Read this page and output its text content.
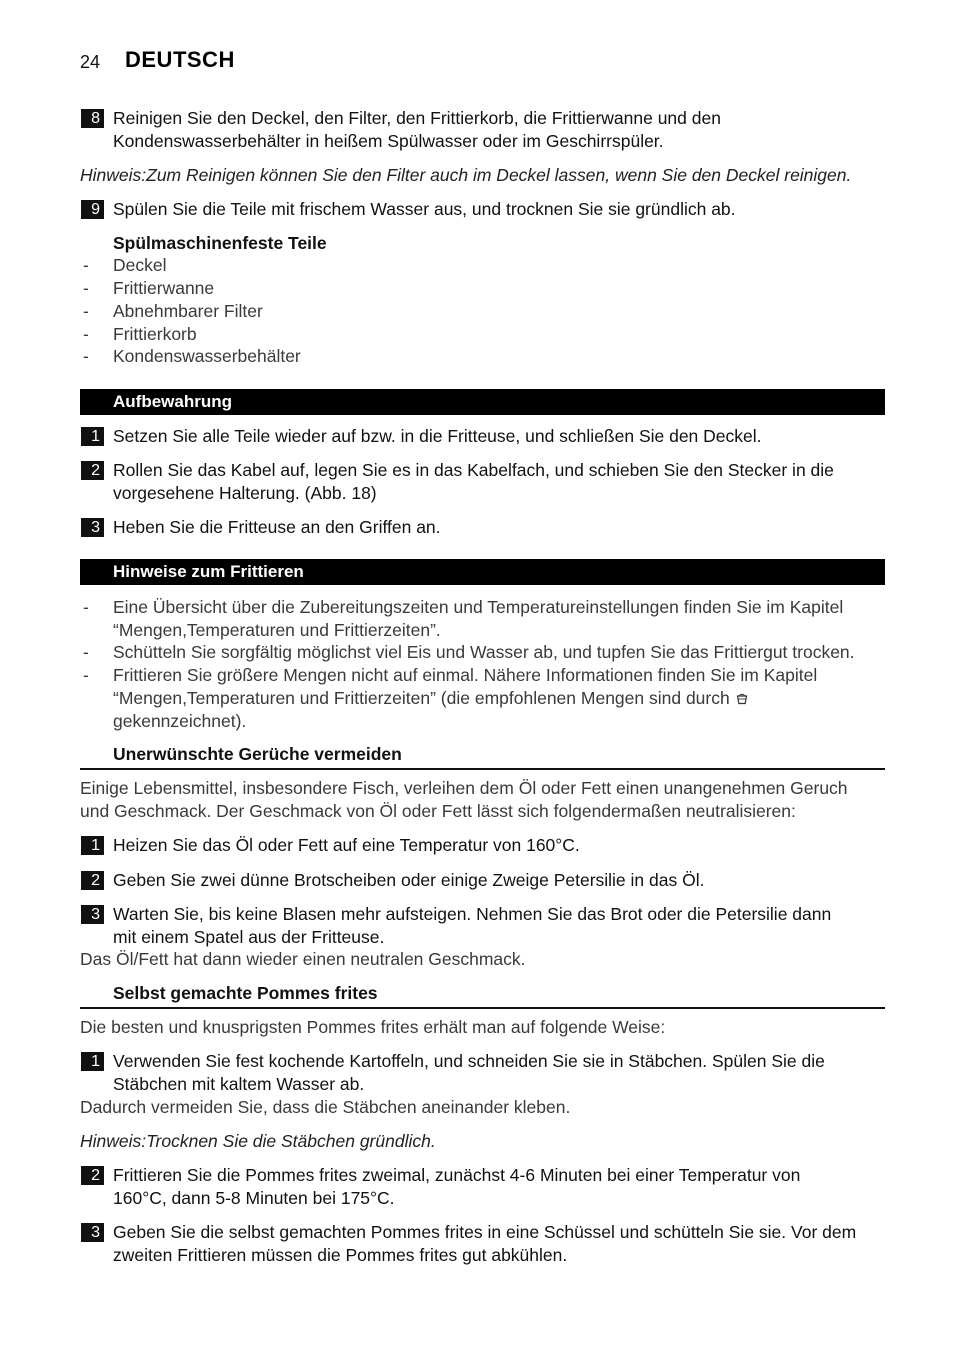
24 DEUTSCH
8 Reinigen Sie den Deckel, den Filter, den Frittierkorb, die Frittierwanne und den
Kondenswasserbehälter in heißem Spülwasser oder im Geschirrspüler.
Hinweis:Zum Reinigen können Sie den Filter auch im Deckel lassen, wenn Sie den Deckel reinigen.
9 Spülen Sie die Teile mit frischem Wasser aus, und trocknen Sie sie gründlich ab.
Spülmaschinenfeste Teile
- Deckel
- Frittierwanne
- Abnehmbarer Filter
- Frittierkorb
- Kondenswasserbehälter
Aufbewahrung
1 Setzen Sie alle Teile wieder auf bzw. in die Fritteuse, und schließen Sie den Deckel.
2 Rollen Sie das Kabel auf, legen Sie es in das Kabelfach, und schieben Sie den Stecker in die
vorgesehene Halterung. (Abb. 18)
3 Heben Sie die Fritteuse an den Griffen an.
Hinweise zum Frittieren
- Eine Übersicht über die Zubereitungszeiten und Temperatureinstellungen finden Sie im Kapitel
“Mengen,Temperaturen und Frittierzeiten”.
- Schütteln Sie sorgfältig möglichst viel Eis und Wasser ab, und tupfen Sie das Frittiergut trocken.
- Frittieren Sie größere Mengen nicht auf einmal. Nähere Informationen finden Sie im Kapitel
“Mengen,Temperaturen und Frittierzeiten” (die empfohlenen Mengen sind durch
gekennzeichnet).
Unerwünschte Gerüche vermeiden
Einige Lebensmittel, insbesondere Fisch, verleihen dem Öl oder Fett einen unangenehmen Geruch
und Geschmack. Der Geschmack von Öl oder Fett lässt sich folgendermaßen neutralisieren:
1 Heizen Sie das Öl oder Fett auf eine Temperatur von 160°C.
2 Geben Sie zwei dünne Brotscheiben oder einige Zweige Petersilie in das Öl.
3 Warten Sie, bis keine Blasen mehr aufsteigen. Nehmen Sie das Brot oder die Petersilie dann
mit einem Spatel aus der Fritteuse.
Das Öl/Fett hat dann wieder einen neutralen Geschmack.
Selbst gemachte Pommes frites
Die besten und knusprigsten Pommes frites erhält man auf folgende Weise:
1 Verwenden Sie fest kochende Kartoffeln, und schneiden Sie sie in Stäbchen. Spülen Sie die
Stäbchen mit kaltem Wasser ab.
Dadurch vermeiden Sie, dass die Stäbchen aneinander kleben.
Hinweis:Trocknen Sie die Stäbchen gründlich.
2 Frittieren Sie die Pommes frites zweimal, zunächst 4-6 Minuten bei einer Temperatur von
160°C, dann 5-8 Minuten bei 175°C.
3 Geben Sie die selbst gemachten Pommes frites in eine Schüssel und schütteln Sie sie. Vor dem
zweiten Frittieren müssen die Pommes frites gut abkühlen.
